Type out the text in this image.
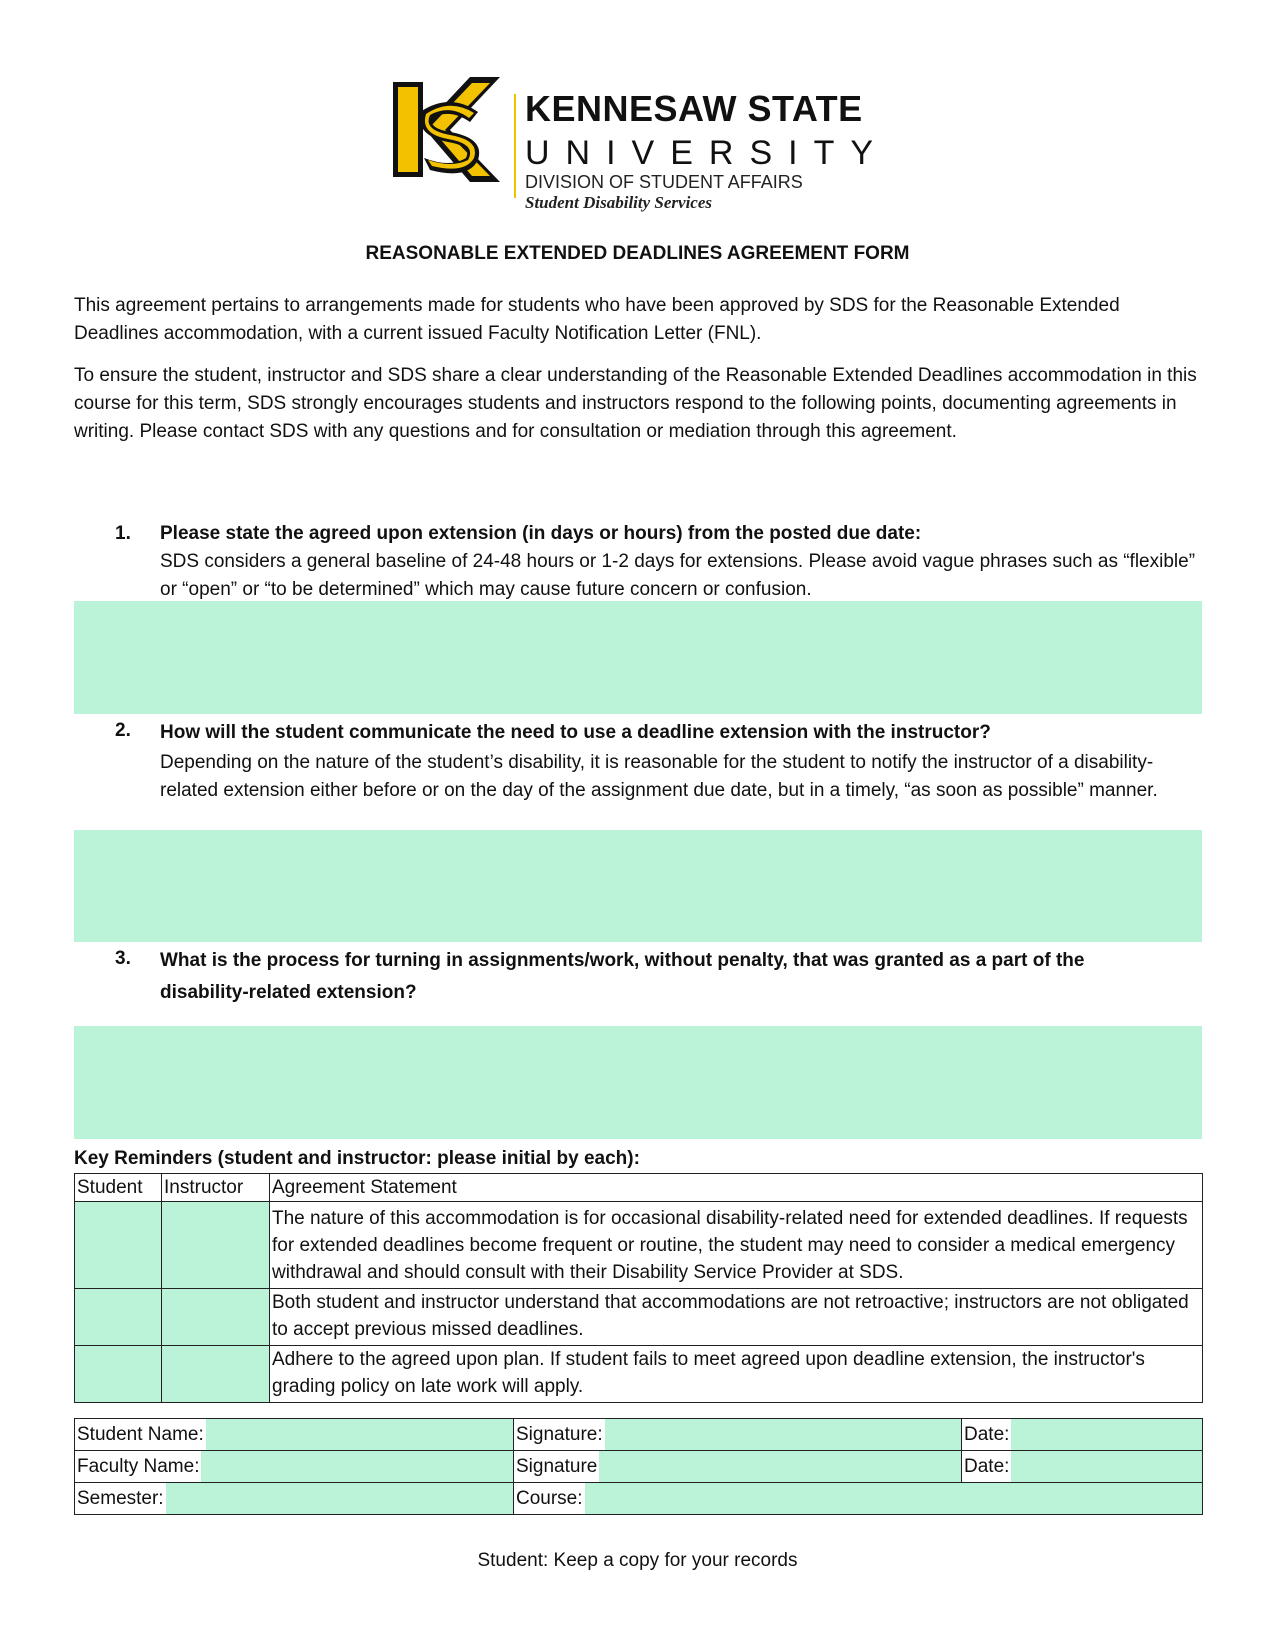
KENNESAW STATE
UNIVERSITY
DIVISION OF STUDENT AFFAIRS
Student Disability Services
REASONABLE EXTENDED DEADLINES AGREEMENT FORM

This agreement pertains to arrangements made for students who have been approved by SDS for the Reasonable Extended Deadlines accommodation, with a current issued Faculty Notification Letter (FNL).

To ensure the student, instructor and SDS share a clear understanding of the Reasonable Extended Deadlines accommodation in this course for this term, SDS strongly encourages students and instructors respond to the following points, documenting agreements in writing. Please contact SDS with any questions and for consultation or mediation through this agreement.

1. Please state the agreed upon extension (in days or hours) from the posted due date:
SDS considers a general baseline of 24-48 hours or 1-2 days for extensions. Please avoid vague phrases such as “flexible” or “open” or “to be determined” which may cause future concern or confusion.
2. How will the student communicate the need to use a deadline extension with the instructor?
Depending on the nature of the student’s disability, it is reasonable for the student to notify the instructor of a disability-related extension either before or on the day of the assignment due date, but in a timely, “as soon as possible” manner.
3. What is the process for turning in assignments/work, without penalty, that was granted as a part of the disability-related extension?
Key Reminders (student and instructor: please initial by each):
Student	Instructor	Agreement Statement
		The nature of this accommodation is for occasional disability-related need for extended deadlines. If requests for extended deadlines become frequent or routine, the student may need to consider a medical emergency withdrawal and should consult with their Disability Service Provider at SDS.
		Both student and instructor understand that accommodations are not retroactive; instructors are not obligated to accept previous missed deadlines.
		Adhere to the agreed upon plan. If student fails to meet agreed upon deadline extension, the instructor's grading policy on late work will apply.
Student Name:	Signature:	Date:
Faculty Name:	Signature	Date:
Semester:	Course:	
Student: Keep a copy for your records
